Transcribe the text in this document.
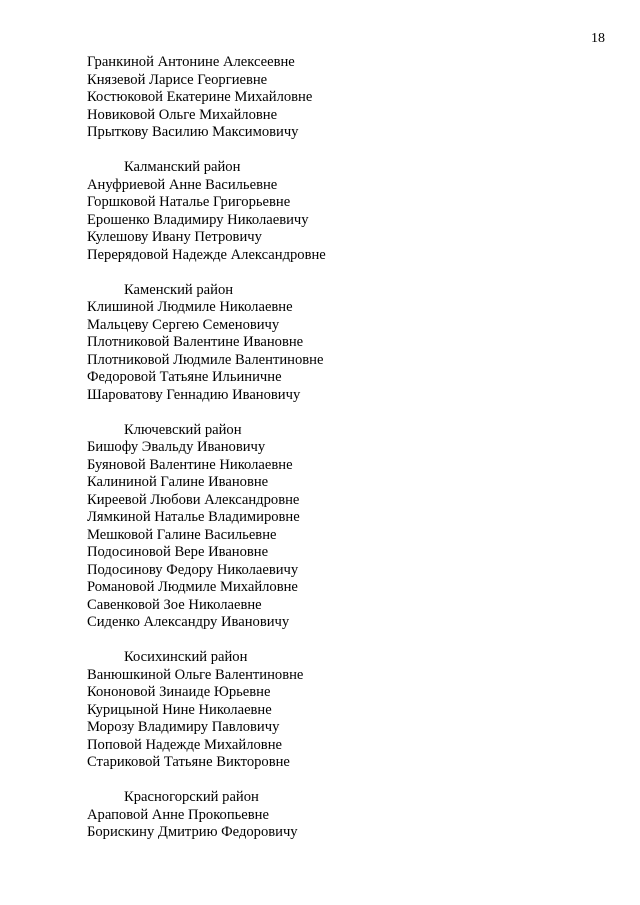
18
Гранкиной Антонине Алексеевне
Князевой Ларисе Георгиевне
Костюковой Екатерине Михайловне
Новиковой Ольге Михайловне
Прыткову Василию Максимовичу
Калманский район
Ануфриевой Анне Васильевне
Горшковой Наталье Григорьевне
Ерошенко Владимиру Николаевичу
Кулешову Ивану Петровичу
Перерядовой Надежде Александровне
Каменский район
Клишиной Людмиле Николаевне
Мальцеву Сергею Семеновичу
Плотниковой Валентине Ивановне
Плотниковой Людмиле Валентиновне
Федоровой Татьяне Ильиничне
Шароватову Геннадию Ивановичу
Ключевский район
Бишофу Эвальду Ивановичу
Буяновой Валентине Николаевне
Калининой Галине Ивановне
Киреевой Любови Александровне
Лямкиной Наталье Владимировне
Мешковой Галине Васильевне
Подосиновой Вере Ивановне
Подосинову Федору Николаевичу
Романовой Людмиле Михайловне
Савенковой Зое Николаевне
Сиденко Александру Ивановичу
Косихинский район
Ванюшкиной Ольге Валентиновне
Кононовой Зинаиде Юрьевне
Курицыной Нине Николаевне
Морозу Владимиру Павловичу
Поповой Надежде Михайловне
Стариковой Татьяне Викторовне
Красногорский район
Араповой Анне Прокопьевне
Борискину Дмитрию Федоровичу
